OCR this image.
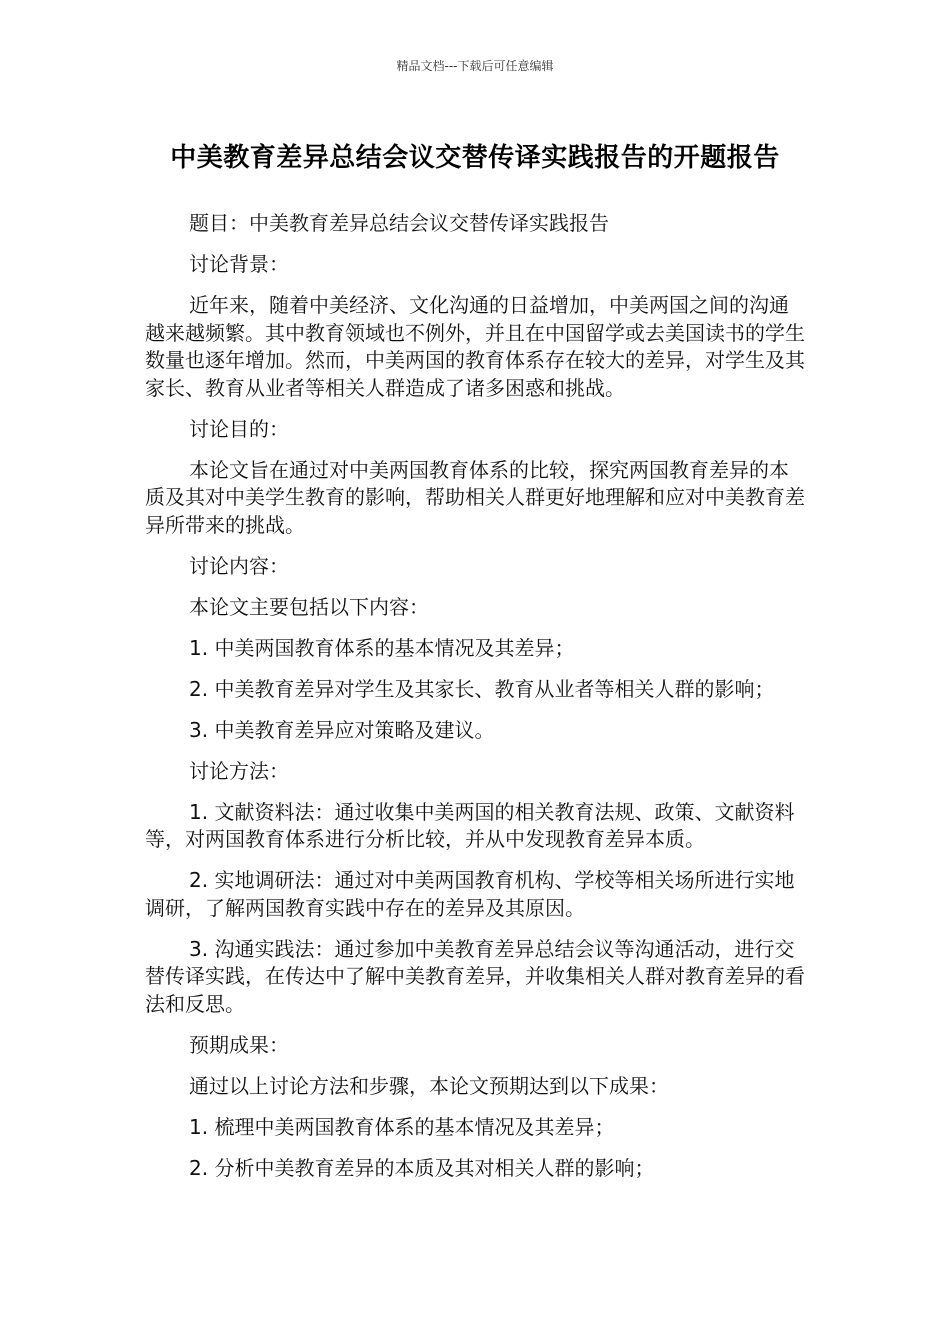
精品文档---下载后可任意编辑
中美教育差异总结会议交替传译实践报告的开题报告

题目：中美教育差异总结会议交替传译实践报告

讨论背景：

近年来，随着中美经济、文化沟通的日益增加，中美两国之间的沟通越来越频繁。其中教育领域也不例外，并且在中国留学或去美国读书的学生数量也逐年增加。然而，中美两国的教育体系存在较大的差异，对学生及其家长、教育从业者等相关人群造成了诸多困惑和挑战。

讨论目的：

本论文旨在通过对中美两国教育体系的比较，探究两国教育差异的本质及其对中美学生教育的影响，帮助相关人群更好地理解和应对中美教育差异所带来的挑战。

讨论内容：

本论文主要包括以下内容：

1. 中美两国教育体系的基本情况及其差异；

2. 中美教育差异对学生及其家长、教育从业者等相关人群的影响；

3. 中美教育差异应对策略及建议。

讨论方法：

1. 文献资料法：通过收集中美两国的相关教育法规、政策、文献资料等，对两国教育体系进行分析比较，并从中发现教育差异本质。

2. 实地调研法：通过对中美两国教育机构、学校等相关场所进行实地调研，了解两国教育实践中存在的差异及其原因。

3. 沟通实践法：通过参加中美教育差异总结会议等沟通活动，进行交替传译实践，在传达中了解中美教育差异，并收集相关人群对教育差异的看法和反思。

预期成果：

通过以上讨论方法和步骤，本论文预期达到以下成果：

1. 梳理中美两国教育体系的基本情况及其差异；

2. 分析中美教育差异的本质及其对相关人群的影响；
